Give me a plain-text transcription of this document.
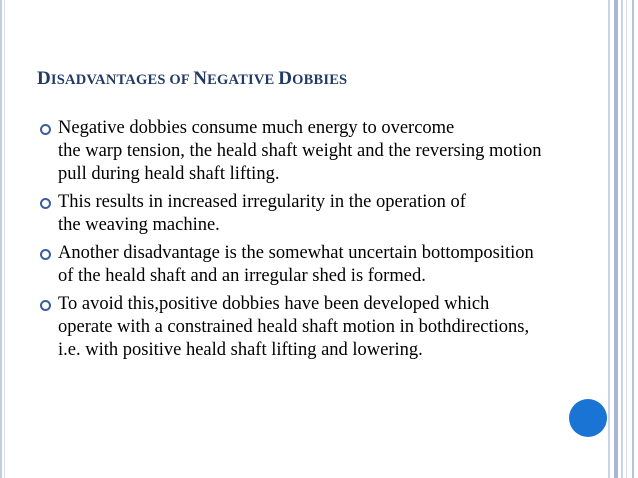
DISADVANTAGES OF NEGATIVE DOBBIES
Negative dobbies consume much energy to overcome
the warp tension, the heald shaft weight and the reversing motion
pull during heald shaft lifting.
This results in increased irregularity in the operation of
the weaving machine.
Another disadvantage is the somewhat uncertain bottomposition
of the heald shaft and an irregular shed is formed.
To avoid this,positive dobbies have been developed which
operate with a constrained heald shaft motion in bothdirections,
i.e. with positive heald shaft lifting and lowering.
